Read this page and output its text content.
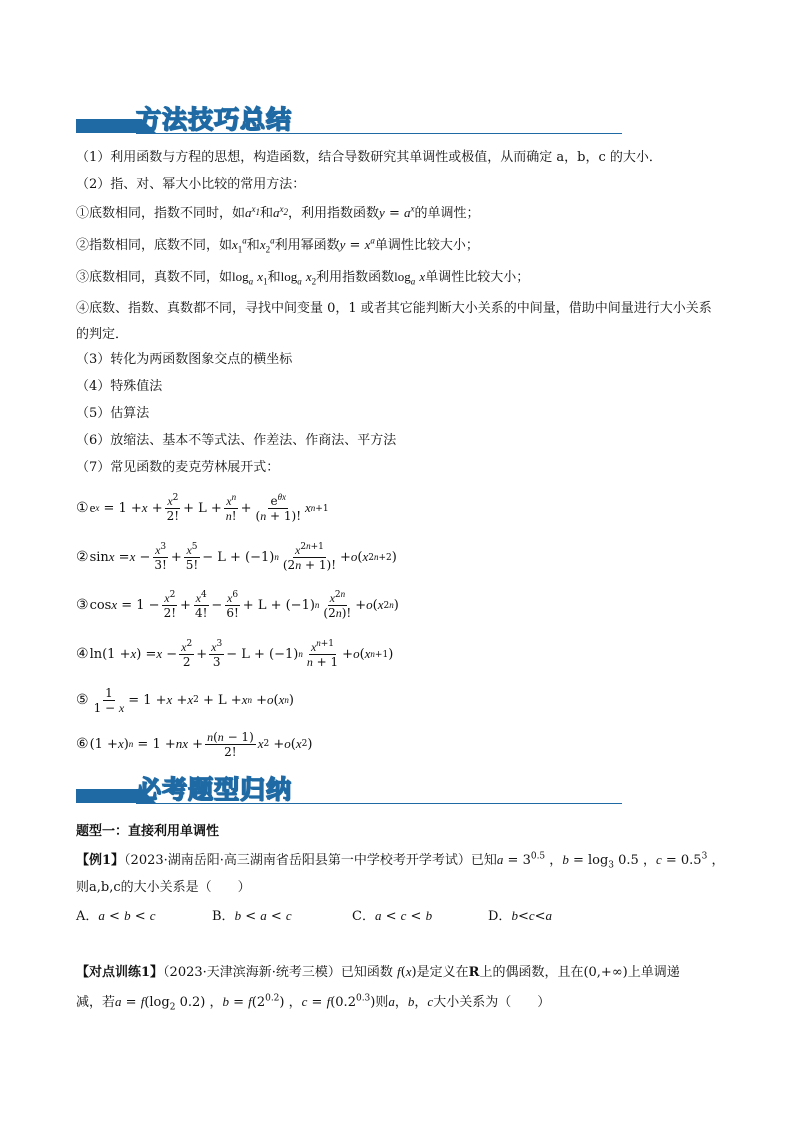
方法技巧总结
（1）利用函数与方程的思想，构造函数，结合导数研究其单调性或极值，从而确定 a，b，c 的大小．
（2）指、对、幂大小比较的常用方法：
①底数相同，指数不同时，如$a^{x_1}$和$a^{x_2}$，利用指数函数$y = a^x$的单调性；
②指数相同，底数不同，如$x_1^a$和$x_2^a$利用幂函数$y = x^a$单调性比较大小；
③底数相同，真数不同，如$\log_a x_1$和$\log_a x_2$利用指数函数$\log_a x$单调性比较大小；
④底数、指数、真数都不同，寻找中间变量 0，1 或者其它能判断大小关系的中间量，借助中间量进行大小关系的判定．
（3）转化为两函数图象交点的横坐标
（4）特殊值法
（5）估算法
（6）放缩法、基本不等式法、作差法、作商法、平方法
（7）常见函数的麦克劳林展开式：
① e $x = 1 + x + \frac{x^2}{2!} + L + \frac{x^n}{n!} + \frac{e^{\theta x}}{(n + 1)!}$ x n+1
② $\sin x = x - \frac{x^3}{3!} + \frac{x^5}{5!} - L + (-1)$ n $\frac{x^{2n+1}}{(2n + 1)!} + o$ ( x 2n+2 )
③ $\cos x = 1 - \frac{x^2}{2!} + \frac{x^4}{4!} - \frac{x^6}{6!} + L + (-1)$ n $\frac{x^{2n}}{(2n)!} + o$ ( x 2n )
④ ln(1 + x ) = $x - \frac{x^2}{2} + \frac{x^3}{3} - L + (-1)$ n $\frac{x^{n+1}}{n + 1} + o$ ( x n+1 )
⑤ $\frac{1}{1 - x} = 1 + x + x$ 2 + L + x n + o ( x n )
⑥ (1 + x ) n = 1 + n $x + \frac{n(n - 1)}{2!}$ x 2 + o ( x 2 )
必考题型归纳
题型一：直接利用单调性
【例1】（2023·湖南岳阳·高三湖南省岳阳县第一中学校考开学考试）已知$a = 3^{0.5}$ ，$b = \log_3 0.5$ ，$c = 0.5^3$ ，
则a,b,c的大小关系是（　　）
A．a < b < c	B．b < a < c	C．a < c < b	D．b<c<a
【对点训练1】（2023·天津滨海新·统考三模）已知函数 f(x)是定义在R上的偶函数，且在(0,+∞)上单调递
减，若$a = f(\log_2$ 0.2) ，$b = f(2^{0.2})$ ，$c = f(0.2^{0.3})$则a，b，c大小关系为（　　）
